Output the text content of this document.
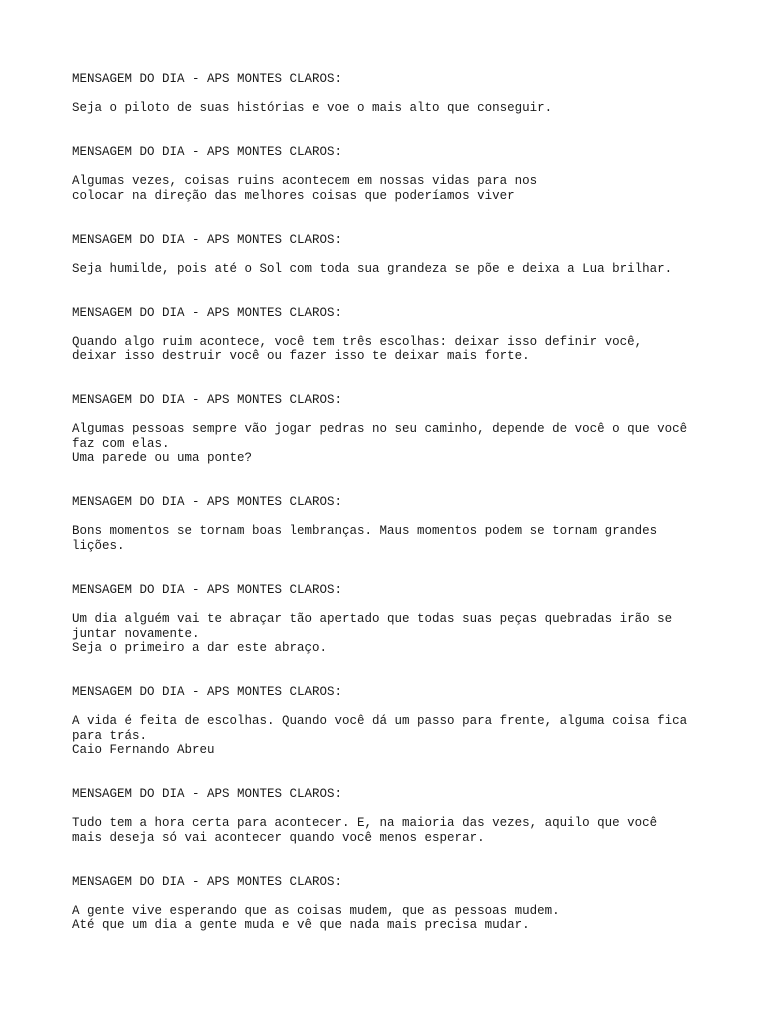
MENSAGEM DO DIA - APS MONTES CLAROS:
Seja o piloto de suas histórias e voe o mais alto que conseguir.
MENSAGEM DO DIA - APS MONTES CLAROS:
Algumas vezes, coisas ruins acontecem em nossas vidas para nos
colocar na direção das melhores coisas que poderíamos viver
MENSAGEM DO DIA - APS MONTES CLAROS:
Seja humilde, pois até o Sol com toda sua grandeza se põe e deixa a Lua brilhar.
MENSAGEM DO DIA - APS MONTES CLAROS:
Quando algo ruim acontece, você tem três escolhas: deixar isso definir você,
deixar isso destruir você ou fazer isso te deixar mais forte.
MENSAGEM DO DIA - APS MONTES CLAROS:
Algumas pessoas sempre vão jogar pedras no seu caminho, depende de você o que você
faz com elas.
Uma parede ou uma ponte?
MENSAGEM DO DIA - APS MONTES CLAROS:
Bons momentos se tornam boas lembranças. Maus momentos podem se tornam grandes
lições.
MENSAGEM DO DIA - APS MONTES CLAROS:
Um dia alguém vai te abraçar tão apertado que todas suas peças quebradas irão se
juntar novamente.
Seja o primeiro a dar este abraço.
MENSAGEM DO DIA - APS MONTES CLAROS:
A vida é feita de escolhas. Quando você dá um passo para frente, alguma coisa fica
para trás.
Caio Fernando Abreu
MENSAGEM DO DIA - APS MONTES CLAROS:
Tudo tem a hora certa para acontecer. E, na maioria das vezes, aquilo que você
mais deseja só vai acontecer quando você menos esperar.
MENSAGEM DO DIA - APS MONTES CLAROS:
A gente vive esperando que as coisas mudem, que as pessoas mudem.
Até que um dia a gente muda e vê que nada mais precisa mudar.
